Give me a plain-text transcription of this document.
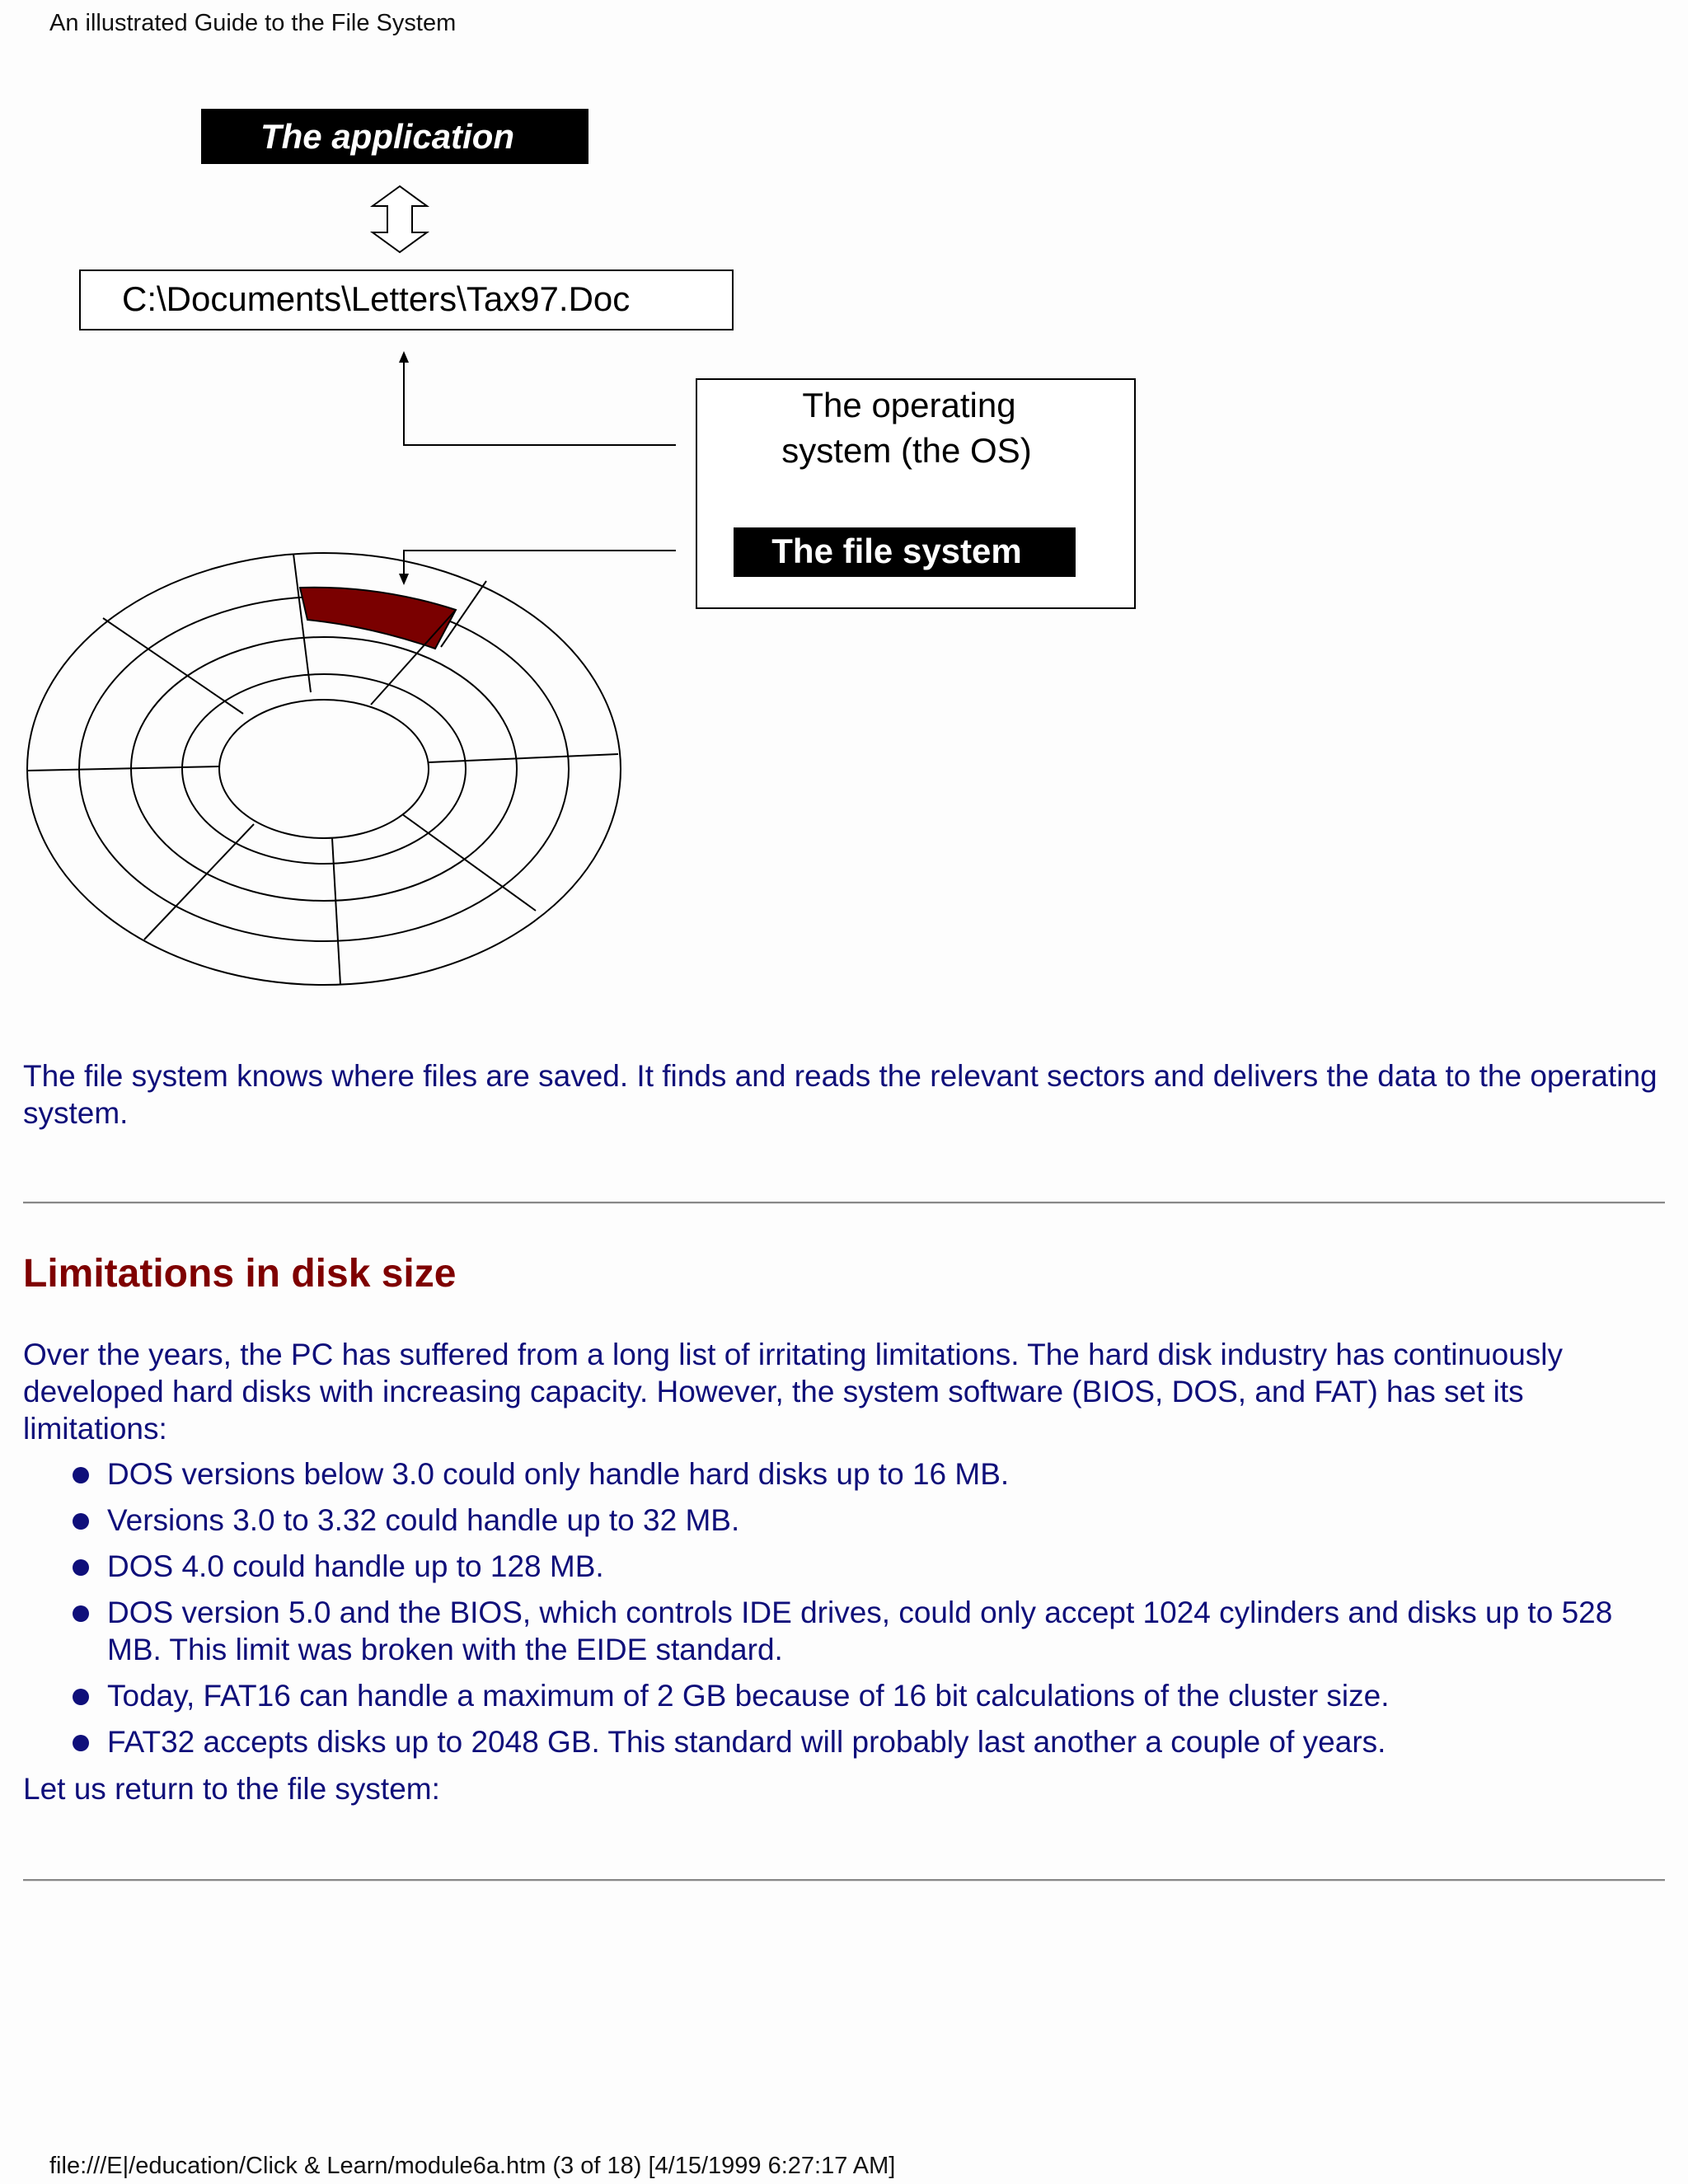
An illustrated Guide to the File System
The application
C:\Documents\Letters\Tax97.Doc
The operating
system (the OS)
The file system

The file system knows where files are saved. It finds and reads the relevant sectors and delivers the data to the operating system.

Limitations in disk size

Over the years, the PC has suffered from a long list of irritating limitations. The hard disk industry has continuously developed hard disks with increasing capacity. However, the system software (BIOS, DOS, and FAT) has set its limitations:

DOS versions below 3.0 could only handle hard disks up to 16 MB.
Versions 3.0 to 3.32 could handle up to 32 MB.
DOS 4.0 could handle up to 128 MB.
DOS version 5.0 and the BIOS, which controls IDE drives, could only accept 1024 cylinders and disks up to 528 MB. This limit was broken with the EIDE standard.
Today, FAT16 can handle a maximum of 2 GB because of 16 bit calculations of the cluster size.
FAT32 accepts disks up to 2048 GB. This standard will probably last another a couple of years.

Let us return to the file system:

file:///E|/education/Click & Learn/module6a.htm (3 of 18) [4/15/1999 6:27:17 AM]
